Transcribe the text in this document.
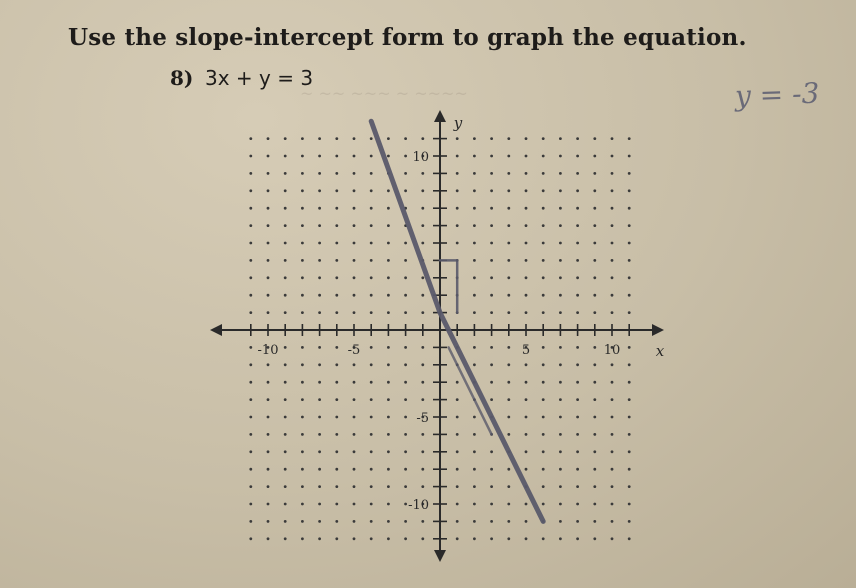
~ ~~ ~~~ ~ ~~~~
Use the slope-intercept form to graph the equation.
8) 3x + y = 3	y = -3
-10	-5	5	10
10
-5
-10
x
y
